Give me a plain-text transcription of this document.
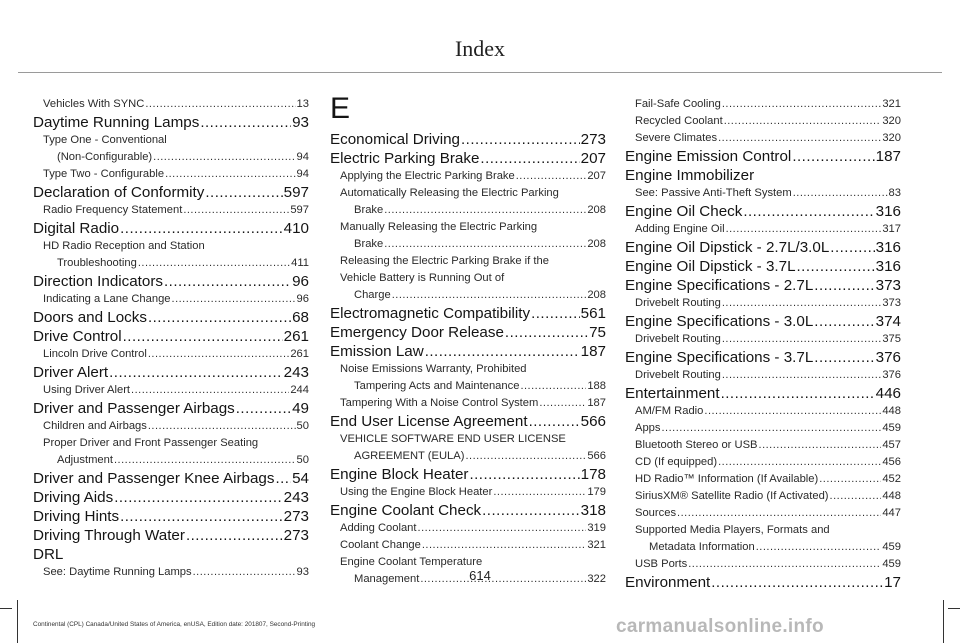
Index
Vehicles With SYNC .....	13
Daytime Running Lamps .....	93
Type One - Conventional
(Non-Configurable) .....	94
Type Two - Configurable .....	94
Declaration of Conformity .....	597
Radio Frequency Statement .....	597
Digital Radio .....	410
HD Radio Reception and Station
Troubleshooting .....	411
Direction Indicators .....	96
Indicating a Lane Change .....	96
Doors and Locks .....	68
Drive Control .....	261
Lincoln Drive Control .....	261
Driver Alert .....	243
Using Driver Alert .....	244
Driver and Passenger Airbags .....	49
Children and Airbags .....	50
Proper Driver and Front Passenger Seating
Adjustment .....	50
Driver and Passenger Knee Airbags ..... 54
Driving Aids .....	243
Driving Hints .....	273
Driving Through Water .....	273
DRL
See: Daytime Running Lamps .....	93
E
Economical Driving .....	273
Electric Parking Brake .....	207
Applying the Electric Parking Brake .....	207
Automatically Releasing the Electric Parking
Brake .....	208
Manually Releasing the Electric Parking
Brake .....	208
Releasing the Electric Parking Brake if the
Vehicle Battery is Running Out of
Charge .....	208
Electromagnetic Compatibility .....	561
Emergency Door Release .....	75
Emission Law .....	187
Noise Emissions Warranty, Prohibited
Tampering Acts and Maintenance .....	188
Tampering With a Noise Control System .....	187
End User License Agreement .....	566
VEHICLE SOFTWARE END USER LICENSE
AGREEMENT (EULA) .....	566
Engine Block Heater .....	178
Using the Engine Block Heater .....	179
Engine Coolant Check .....	318
Adding Coolant .....	319
Coolant Change .....	321
Engine Coolant Temperature
Management .....	322
Fail-Safe Cooling .....	321
Recycled Coolant .....	320
Severe Climates .....	320
Engine Emission Control .....	187
Engine Immobilizer
See: Passive Anti-Theft System .....	83
Engine Oil Check .....	316
Adding Engine Oil .....	317
Engine Oil Dipstick - 2.7L/3.0L .....	316
Engine Oil Dipstick - 3.7L .....	316
Engine Specifications - 2.7L .....	373
Drivebelt Routing .....	373
Engine Specifications - 3.0L .....	374
Drivebelt Routing .....	375
Engine Specifications - 3.7L .....	376
Drivebelt Routing .....	376
Entertainment .....	446
AM/FM Radio .....	448
Apps .....	459
Bluetooth Stereo or USB .....	457
CD (If equipped) .....	456
HD Radio™ Information (If Available) .....	452
SiriusXM® Satellite Radio (If Activated) .....	448
Sources .....	447
Supported Media Players, Formats and
Metadata Information .....	459
USB Ports .....	459
Environment .....	17
614
Continental (CPL) Canada/United States of America, enUSA, Edition date: 201807, Second-Printing	carmanualsonline.info
